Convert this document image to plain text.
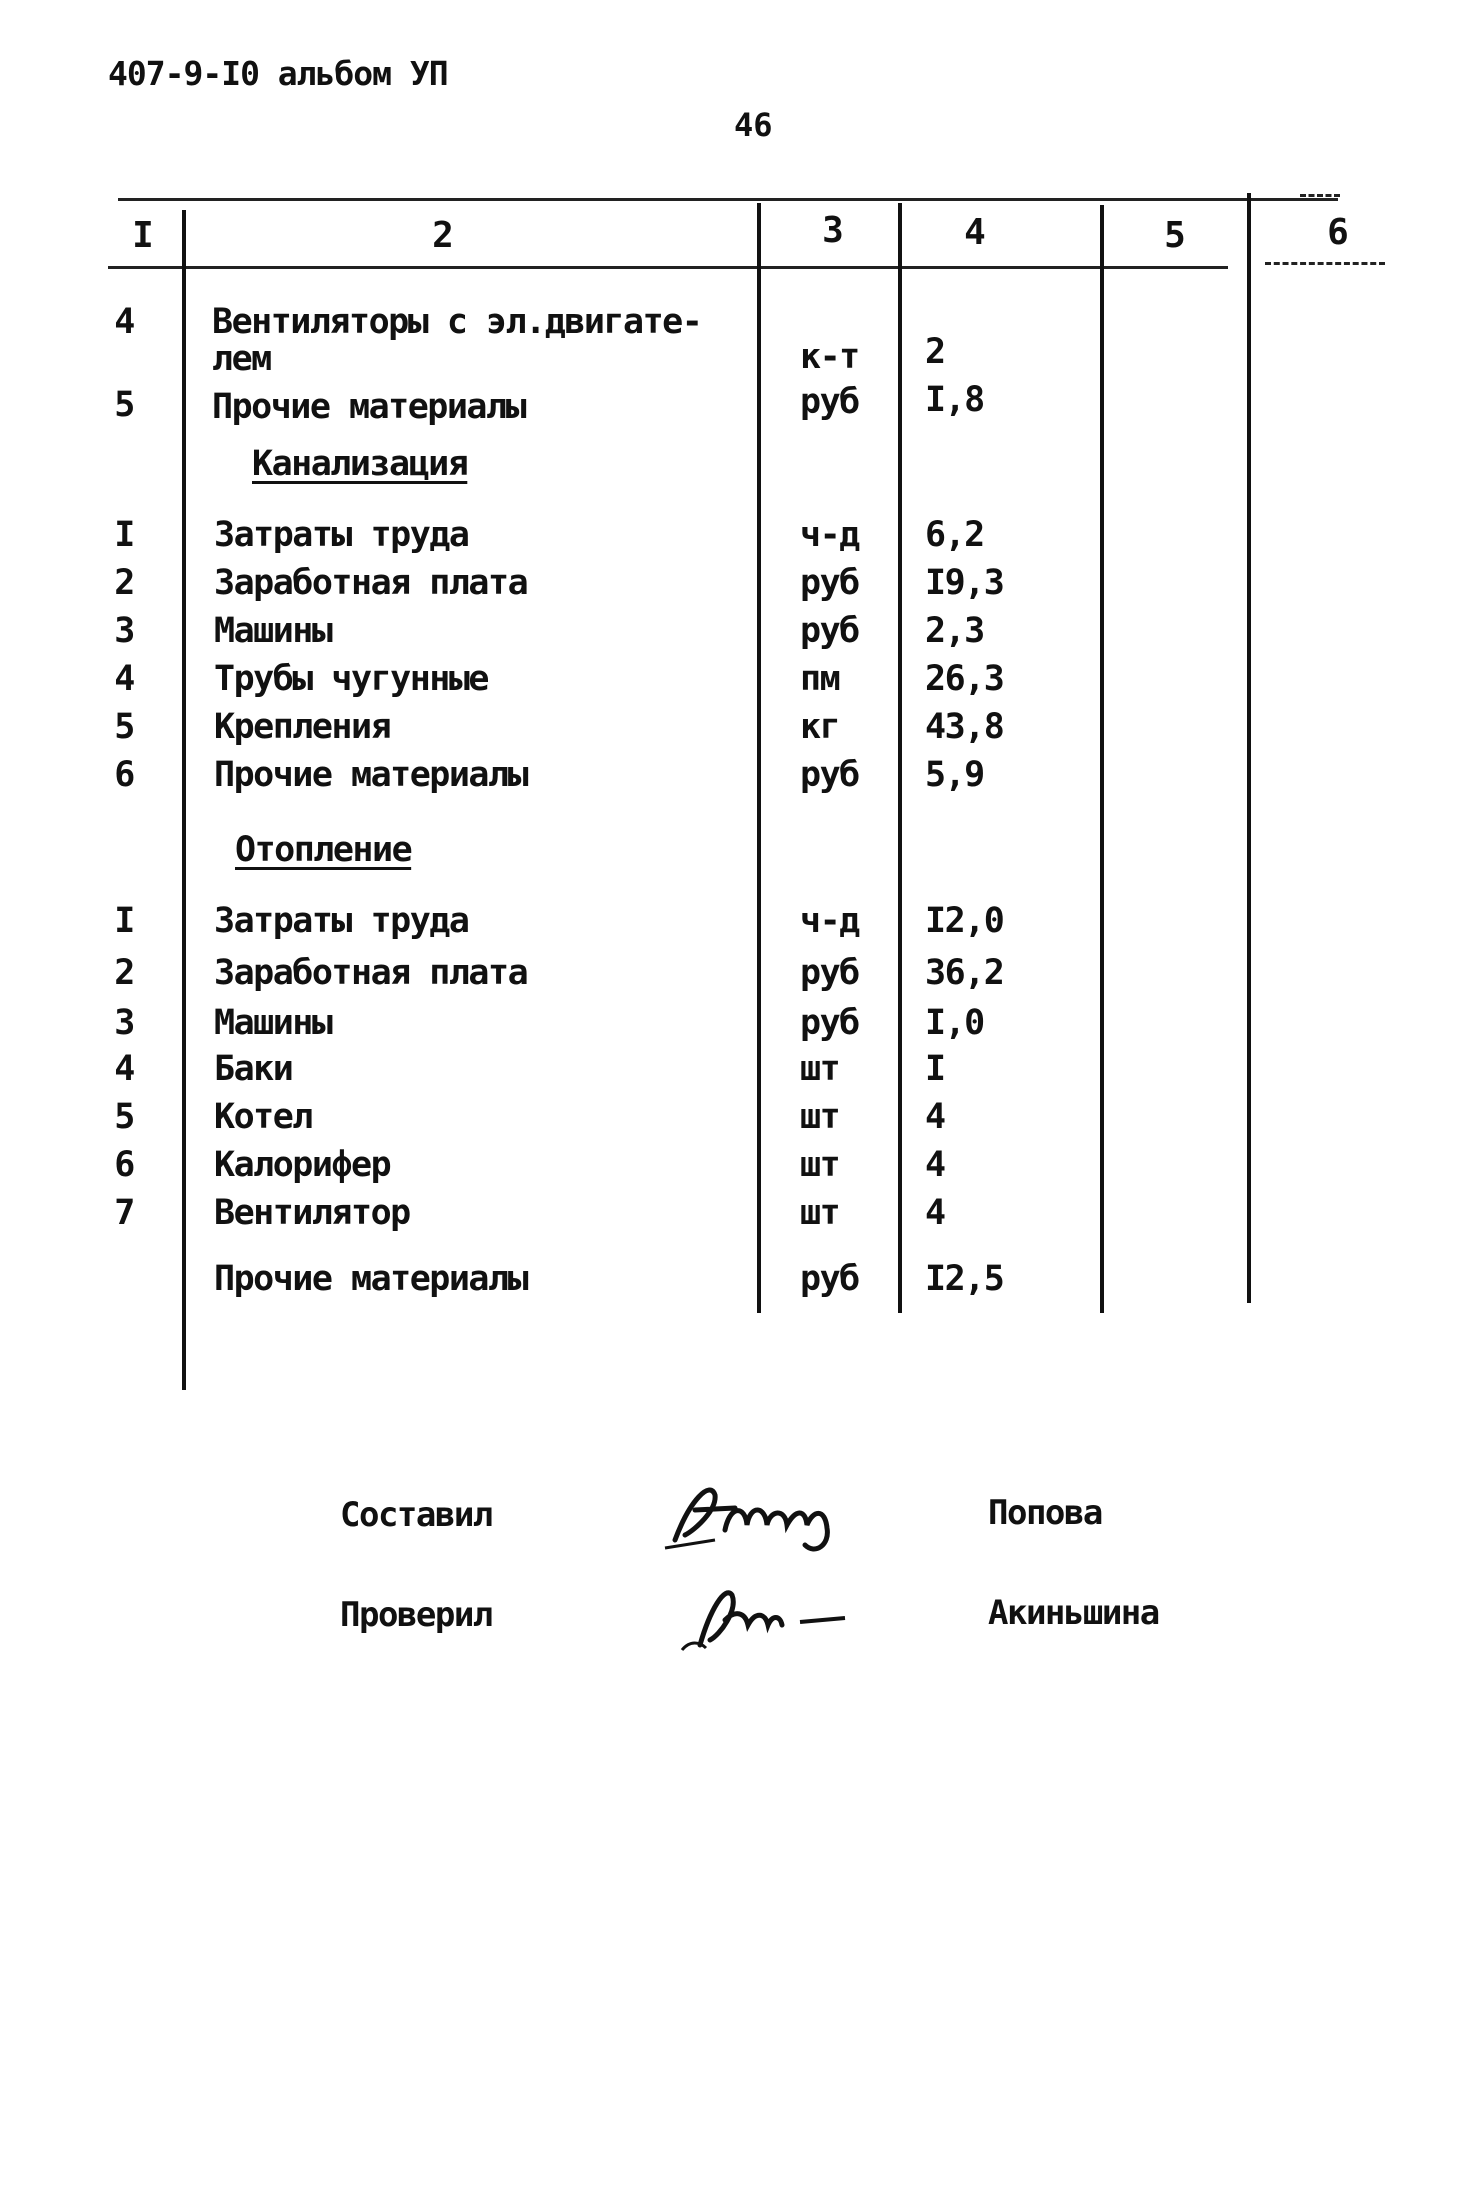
407-9-I0 альбом УП
46
I	2	3	4	5	6
4 Вентиляторы с эл.двигате-
лем	к-т 2
5 Прочие материалы	руб I,8
Канализация
I Затраты труда	ч-д 6,2
2 Заработная плата	руб I9,3
3 Машины	руб 2,3
4 Трубы чугунные	пм 26,3
5 Крепления	кг 43,8
6 Прочие материалы	руб 5,9
Отопление
I Затраты труда	ч-д I2,0
2 Заработная плата	руб 36,2
3 Машины	руб I,0
4 Баки	шт I
5 Котел	шт 4
6 Калорифер	шт 4
7 Вентилятор	шт 4
Прочие материалы	руб I2,5
Составил	Попова
Проверил	Акиньшина
